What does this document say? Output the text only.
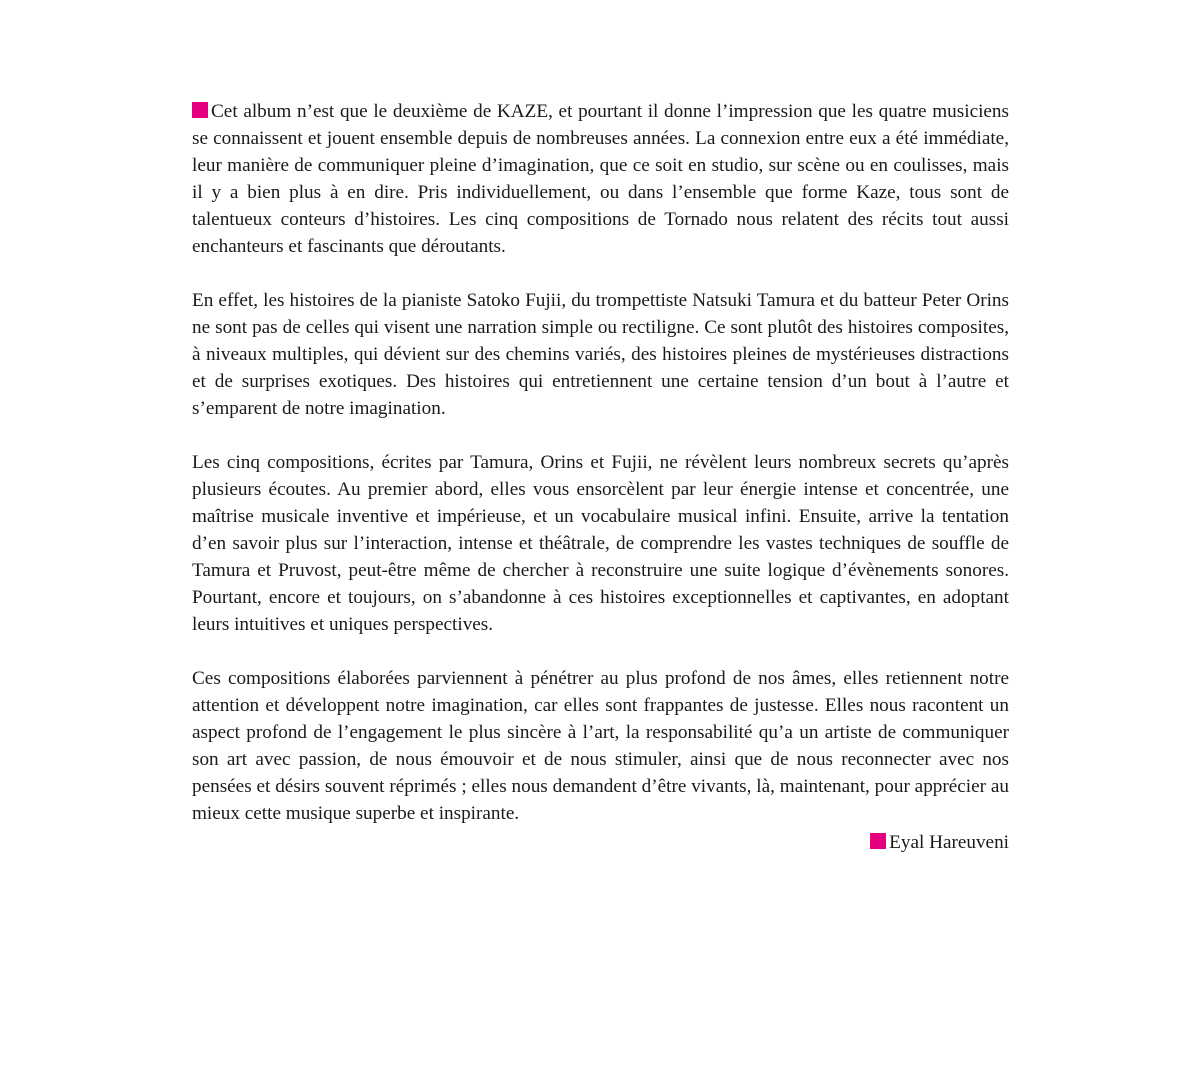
Cet album n’est que le deuxième de KAZE, et pourtant il donne l’impression que les quatre musiciens se connaissent et jouent ensemble depuis de nombreuses années. La connexion entre eux a été immédiate, leur manière de communiquer pleine d’imagination, que ce soit en studio, sur scène ou en coulisses, mais il y a bien plus à en dire. Pris individuellement, ou dans l’ensemble que forme Kaze, tous sont de talentueux conteurs d’histoires. Les cinq compositions de Tornado nous relatent des récits tout aussi enchanteurs et fascinants que déroutants.

En effet, les histoires de la pianiste Satoko Fujii, du trompettiste Natsuki Tamura et du batteur Peter Orins ne sont pas de celles qui visent une narration simple ou rectiligne. Ce sont plutôt des histoires composites, à niveaux multiples, qui dévient sur des chemins variés, des histoires pleines de mystérieuses distractions et de surprises exotiques. Des histoires qui entretiennent une certaine tension d’un bout à l’autre et s’emparent de notre imagination.

Les cinq compositions, écrites par Tamura, Orins et Fujii, ne révèlent leurs nombreux secrets qu’après plusieurs écoutes. Au premier abord, elles vous ensorcèlent par leur énergie intense et concentrée, une maîtrise musicale inventive et impérieuse, et un vocabulaire musical infini. Ensuite, arrive la tentation d’en savoir plus sur l’interaction, intense et théâtrale, de comprendre les vastes techniques de souffle de Tamura et Pruvost, peut-être même de chercher à reconstruire une suite logique d’évènements sonores. Pourtant, encore et toujours, on s’abandonne à ces histoires exceptionnelles et captivantes, en adoptant leurs intuitives et uniques perspectives.

Ces compositions élaborées parviennent à pénétrer au plus profond de nos âmes, elles retiennent notre attention et développent notre imagination, car elles sont frappantes de justesse. Elles nous racontent un aspect profond de l’engagement le plus sincère à l’art, la responsabilité qu’a un artiste de communiquer son art avec passion, de nous émouvoir et de nous stimuler, ainsi que de nous reconnecter avec nos pensées et désirs souvent réprimés ; elles nous demandent d’être vivants, là, maintenant, pour apprécier au mieux cette musique superbe et inspirante.

Eyal Hareuveni
